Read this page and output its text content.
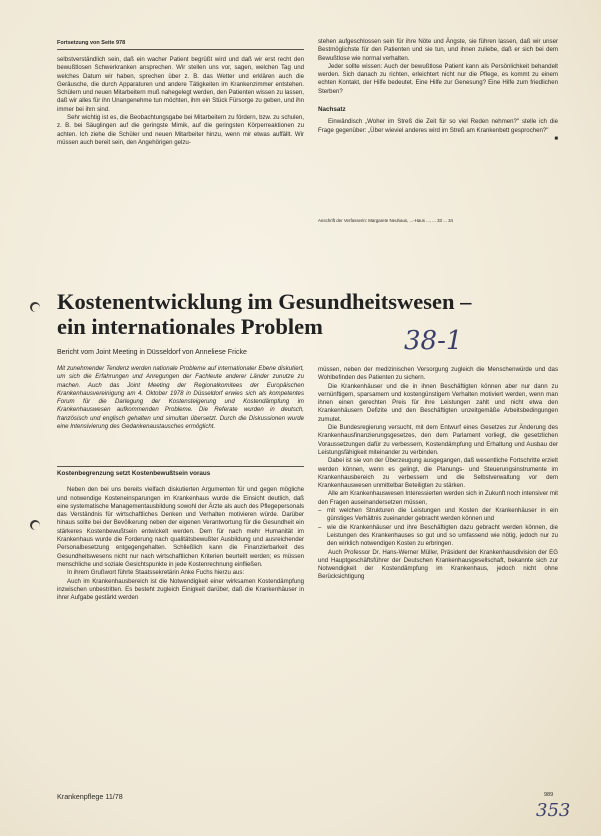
Fortsetzung von Seite 978

selbstverständlich sein, daß ein wacher Patient begrüßt wird und daß wir erst recht den bewußtlosen Schwerkranken ansprechen. Wir stellen uns vor, sagen, welchen Tag und welches Datum wir haben, sprechen über z. B. das Wetter und erklären auch die Geräusche, die durch Apparaturen und andere Tätigkeiten im Krankenzimmer entstehen. Schülern und neuen Mitarbeitern muß nahegelegt werden, den Patienten wissen zu lassen, daß wir alles für ihn Unangenehme tun möchten, ihm ein Stück Fürsorge zu geben, und ihn immer bei ihm sind.

Sehr wichtig ist es, die Beobachtungsgabe bei Mitarbeitern zu fördern, bzw. zu schulen, z. B. bei Säuglingen auf die geringste Mimik, auf die geringsten Körperreaktionen zu achten. Ich ziehe die Schüler und neuen Mitarbeiter hinzu, wenn mir etwas auffällt. Wir müssen auch bereit sein, den Angehörigen gelzu-

stehen aufgeschlossen sein für ihre Nöte und Ängste, sie führen lassen, daß wir unser Bestmöglichste für den Patienten und sie tun, und ihnen zuliebe, daß er sich bei dem Bewußtlose wie normal verhalten.

Jeder sollte wissen: Auch der bewußtlose Patient kann als Persönlichkeit behandelt werden. Sich danach zu richten, erleichtert nicht nur die Pflege, es kommt zu einem echten Kontakt, der Hilfe bedeutet. Eine Hilfe zur Genesung? Eine Hilfe zum friedlichen Sterben?

Nachsatz

Einwändisch „Woher im Streß die Zeit für so viel Reden nehmen?" stelle ich die Frage gegenüber: „Über wieviel anderes wird im Streß am Krankenbett gesprochen?"
■

Anschrift der Verfasserin: Margarete Neuhaus, ...-Haus ..., ... 33 ... 34
Kostenentwicklung im Gesundheitswesen –
ein internationales Problem	38-1
Bericht vom Joint Meeting in Düsseldorf von Anneliese Fricke
Mit zunehmender Tendenz werden nationale Probleme auf internationaler Ebene diskutiert, um sich die Erfahrungen und Anregungen der Fachleute anderer Länder zunutze zu machen. Auch das Joint Meeting der Regionalkomitees der Europäischen Krankenhausvereinigung am 4. Oktober 1978 in Düsseldorf erwies sich als kompetentes Forum für die Darlegung der Kostensteigerung und Kostendämpfung im Krankenhauswesen aufkommenden Probleme. Die Referate wurden in deutsch, französisch und englisch gehalten und simultan übersetzt. Durch die Diskussionen wurde eine Intensivierung des Gedankenaustausches ermöglicht.
Kostenbegrenzung setzt Kostenbewußtsein voraus

Neben den bei uns bereits vielfach diskutierten Argumenten für und gegen mögliche und notwendige Kosteneinsparungen im Krankenhaus wurde die Einsicht deutlich, daß eine systematische Managementausbildung sowohl der Ärzte als auch des Pflegepersonals das Verständnis für wirtschaftliches Denken und Verhalten motivieren würde. Darüber hinaus sollte bei der Bevölkerung neben der eigenen Verantwortung für die Gesundheit ein stärkeres Kostenbewußtsein entwickelt werden. Dem für nach mehr Humanität im Krankenhaus wurde die Forderung nach qualitätsbewußter Ausbildung und ausreichender Personalbesetzung entgegengehalten. Schließlich kann die Finanzierbarkeit des Gesundheitswesens nicht nur nach wirtschaftlichen Kriterien beurteilt werden; es müssen menschliche und soziale Gesichtspunkte in jede Kostenrechnung einfließen.

In ihrem Grußwort führte Staatssekretärin Anke Fuchs hierzu aus:

Auch im Krankenhausbereich ist die Notwendigkeit einer wirksamen Kostendämpfung inzwischen unbestritten. Es besteht zugleich Einigkeit darüber, daß die Krankenhäuser in ihrer Aufgabe gestärkt werden

müssen, neben der medizinischen Versorgung zugleich die Menschenwürde und das Wohlbefinden des Patienten zu sichern.

Die Krankenhäuser und die in ihnen Beschäftigten können aber nur dann zu vernünftigem, sparsamem und kostengünstigem Verhalten motiviert werden, wenn man ihnen einen gerechten Preis für ihre Leistungen zahlt und nicht etwa den Krankenhäusern Defizite und den Beschäftigten unzeitgemäße Arbeitsbedingungen zumutet.

Die Bundesregierung versucht, mit dem Entwurf eines Gesetzes zur Änderung des Krankenhausfinanzierungsgesetzes, den dem Parlament vorliegt, die gesetzlichen Voraussetzungen dafür zu verbessern, Kostendämpfung und Erhaltung und Ausbau der Leistungsfähigkeit miteinander zu verbinden.

Dabei ist sie von der Überzeugung ausgegangen, daß wesentliche Fortschritte erzielt werden können, wenn es gelingt, die Planungs- und Steuerungsinstrumente im Krankenhausbereich zu verbessern und die Selbstverwaltung vor dem Krankenhauswesen unmittelbar Beteiligten zu stärken.

Alle am Krankenhauswesen Interessierten werden sich in Zukunft noch intensiver mit den Fragen auseinandersetzen müssen,

– mit welchen Strukturen die Leistungen und Kosten der Krankenhäuser in ein günstiges Verhältnis zueinander gebracht werden können und
– wie die Krankenhäuser und ihre Beschäftigten dazu gebracht werden können, die Leistungen des Krankenhauses so gut und so umfassend wie nötig, jedoch nur zu den wirklich notwendigen Kosten zu erbringen.

Auch Professor Dr. Hans-Werner Müller, Präsident der Krankenhausdivision der EG und Hauptgeschäftsführer der Deutschen Krankenhausgesellschaft, bekannte sich zur Notwendigkeit der Kostendämpfung im Krankenhaus, jedoch nicht ohne Berücksichtigung

Krankenpflege 11/78	989
353
